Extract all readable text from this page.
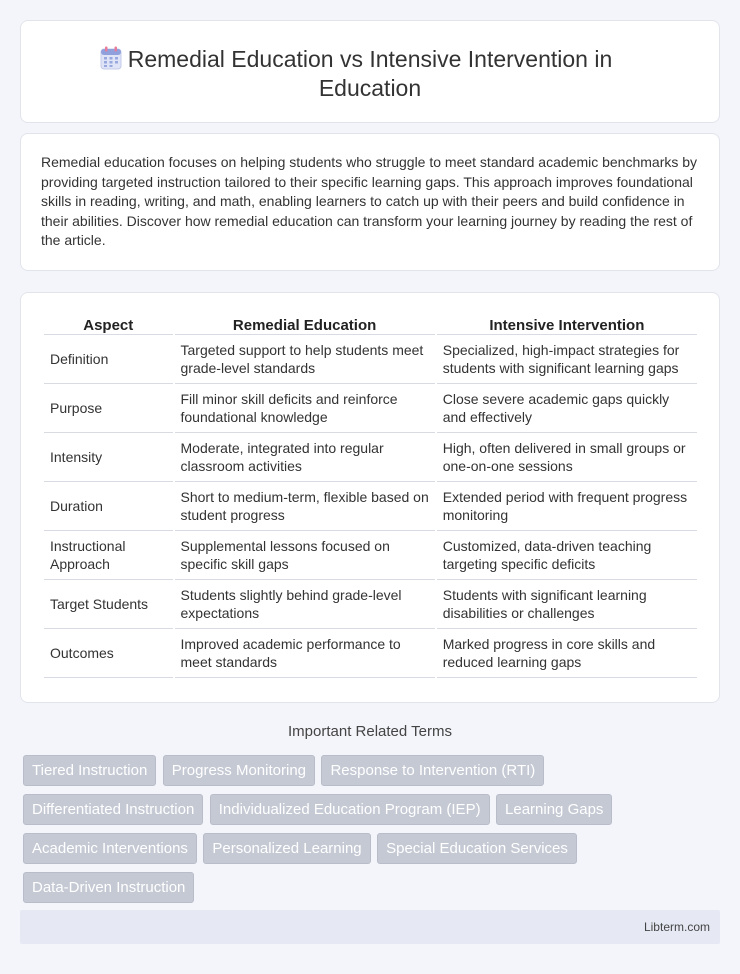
Remedial Education vs Intensive Intervention in Education

Remedial education focuses on helping students who struggle to meet standard academic benchmarks by providing targeted instruction tailored to their specific learning gaps. This approach improves foundational skills in reading, writing, and math, enabling learners to catch up with their peers and build confidence in their abilities. Discover how remedial education can transform your learning journey by reading the rest of the article.

Aspect	Remedial Education	Intensive Intervention
Definition	Targeted support to help students meet grade-level standards	Specialized, high-impact strategies for students with significant learning gaps
Purpose	Fill minor skill deficits and reinforce foundational knowledge	Close severe academic gaps quickly and effectively
Intensity	Moderate, integrated into regular classroom activities	High, often delivered in small groups or one-on-one sessions
Duration	Short to medium-term, flexible based on student progress	Extended period with frequent progress monitoring
Instructional Approach	Supplemental lessons focused on specific skill gaps	Customized, data-driven teaching targeting specific deficits
Target Students	Students slightly behind grade-level expectations	Students with significant learning disabilities or challenges
Outcomes	Improved academic performance to meet standards	Marked progress in core skills and reduced learning gaps
Important Related Terms
Tiered Instruction Progress Monitoring Response to Intervention (RTI) Differentiated Instruction Individualized Education Program (IEP) Learning Gaps Academic Interventions Personalized Learning Special Education Services Data-Driven Instruction
Libterm.com
